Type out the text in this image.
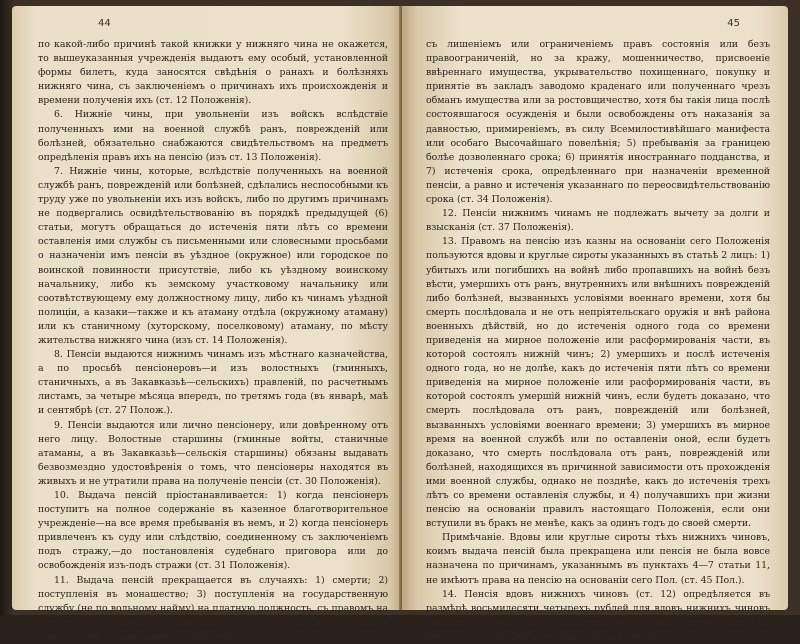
44

по какой-либо причинѣ такой книжки у нижняго чина не окажется, то вышеуказанныя учрежденія выдаютъ ему особый, установленной формы билетъ, куда заносятся свѣдѣнія о ранахъ и болѣзняхъ нижняго чина, съ заключеніемъ о причинахъ ихъ происхожденія и времени полученія ихъ (ст. 12 Положенія).

6. Нижніе чины, при увольненіи изъ войскъ вслѣдствіе полученныхъ ими на военной службѣ ранъ, поврежденій или болѣзней, обязательно снабжаются свидѣтельствомъ на предметъ опредѣленія правъ ихъ на пенсію (изъ ст. 13 Положенія).

7. Нижніе чины, которые, вслѣдствіе полученныхъ на военной службѣ ранъ, поврежденій или болѣзней, сдѣлались неспособными къ труду уже по увольненіи ихъ изъ войскъ, либо по другимъ причинамъ не подвергались освидѣтельствованію въ порядкѣ предыдущей (6) статьи, могутъ обращаться до истеченія пяти лѣтъ со времени оставленія ими службы съ письменными или словесными просьбами о назначеніи имъ пенсіи въ уѣздное (окружное) или городское по воинской повинности присутствіе, либо къ уѣздному воинскому начальнику, либо къ земскому участковому начальнику или соотвѣтствующему ему должностному лицу, либо къ чинамъ уѣздной полиціи, а казаки—также и къ атаману отдѣла (окружному атаману) или къ станичному (хуторскому, поселковому) атаману, по мѣсту жительства нижняго чина (изъ ст. 14 Положенія).

8. Пенсіи выдаются нижнимъ чинамъ изъ мѣстнаго казначейства, а по просьбѣ пенсіонеровъ—и изъ волостныхъ (гминныхъ, станичныхъ, а въ Закавказьѣ—сельскихъ) правленій, по расчетнымъ листамъ, за четыре мѣсяца впередъ, по третямъ года (въ январѣ, маѣ и сентябрѣ (ст. 27 Полож.).

9. Пенсіи выдаются или лично пенсіонеру, или довѣренному отъ него лицу. Волостные старшины (гминные войты, станичные атаманы, а въ Закавказьѣ—сельскія старшины) обязаны выдавать безвозмездно удостовѣренія о томъ, что пенсіонеры находятся въ живыхъ и не утратили права на полученіе пенсіи (ст. 30 Положенія).

10. Выдача пенсій пріостанавливается: 1) когда пенсіонеръ поступитъ на полное содержаніе въ казенное благотворительное учрежденіе—на все время пребыванія въ немъ, и 2) когда пенсіонеръ привлеченъ къ суду или слѣдствію, соединенному съ заключеніемъ подъ стражу,—до постановленія судебнаго приговора или до освобожденія изъ-подъ стражи (ст. 31 Положенія).

11. Выдача пенсій прекращается въ случаяхъ: 1) смерти; 2) поступленія въ монашество; 3) поступленія на государственную службу (не по вольному найму) на платную должность, съ правомъ на пенсію по общимъ правиламъ; 4) присужденія судебнымъ приговоромъ къ наказанію, соединенному

45

съ лишеніемъ или ограниченіемъ правъ состоянія или безъ правоограниченій, но за кражу, мошенничество, присвоеніе ввѣреннаго имущества, укрывательство похищеннаго, покупку и принятіе въ закладъ заводомо краденаго или полученнаго чрезъ обманъ имущества или за ростовщичество, хотя бы такія лица послѣ состоявшагося осужденія и были освобождены отъ наказанія за давностью, примиреніемъ, въ силу Всемилостивѣйшаго манифеста или особаго Высочайшаго повелѣнія; 5) пребыванія за границею болѣе дозволеннаго срока; 6) принятія иностраннаго подданства, и 7) истеченія срока, опредѣленнаго при назначеніи временной пенсіи, а равно и истеченія указаннаго по переосвидѣтельствованію срока (ст. 34 Положенія).

12. Пенсіи нижнимъ чинамъ не подлежатъ вычету за долги и взысканія (ст. 37 Положенія).

13. Правомъ на пенсію изъ казны на основаніи сего Положенія пользуются вдовы и круглые сироты указанныхъ въ статьѣ 2 лицъ: 1) убитыхъ или погибшихъ на войнѣ либо пропавшихъ на войнѣ безъ вѣсти, умершихъ отъ ранъ, внутреннихъ или внѣшнихъ поврежденій либо болѣзней, вызванныхъ условіями военнаго времени, хотя бы смерть послѣдовала и не отъ непріятельскаго оружія и внѣ района военныхъ дѣйствій, но до истеченія одного года со времени приведенія на мирное положеніе или расформированія части, въ которой состоялъ нижній чинъ; 2) умершихъ и послѣ истеченія одного года, но не долѣе, какъ до истеченія пяти лѣтъ со времени приведенія на мирное положеніе или расформированія части, въ которой состоялъ умершій нижній чинъ, если будетъ доказано, что смерть послѣдовала отъ ранъ, поврежденій или болѣзней, вызванныхъ условіями военнаго времени; 3) умершихъ въ мирное время на военной службѣ или по оставленіи оной, если будетъ доказано, что смерть послѣдовала отъ ранъ, поврежденій или болѣзней, находящихся въ причинной зависимости отъ прохожденія ими военной службы, однако не позднѣе, какъ до истеченія трехъ лѣтъ со времени оставленія службы, и 4) получавшихъ при жизни пенсію на основаніи правилъ настоящаго Положенія, если они вступили въ бракъ не менѣе, какъ за одинъ годъ до своей смерти.

Примѣчаніе. Вдовы или круглые сироты тѣхъ нижнихъ чиновъ, коимъ выдача пенсій была прекращена или пенсія не была вовсе назначена по причинамъ, указаннымъ въ пунктахъ 4—7 статьи 11, не имѣютъ права на пенсію на основаніи сего Пол. (ст. 45 Пол.).

14. Пенсія вдовъ нижнихъ чиновъ (ст. 12) опредѣляется въ размѣрѣ восьмидесяти четырехъ рублей для вдовъ нижнихъ чиновъ высшихъ званій, прослужившихъ не менѣе пяти лѣтъ на сверхсрочной службѣ, шестидесяти рублей для
